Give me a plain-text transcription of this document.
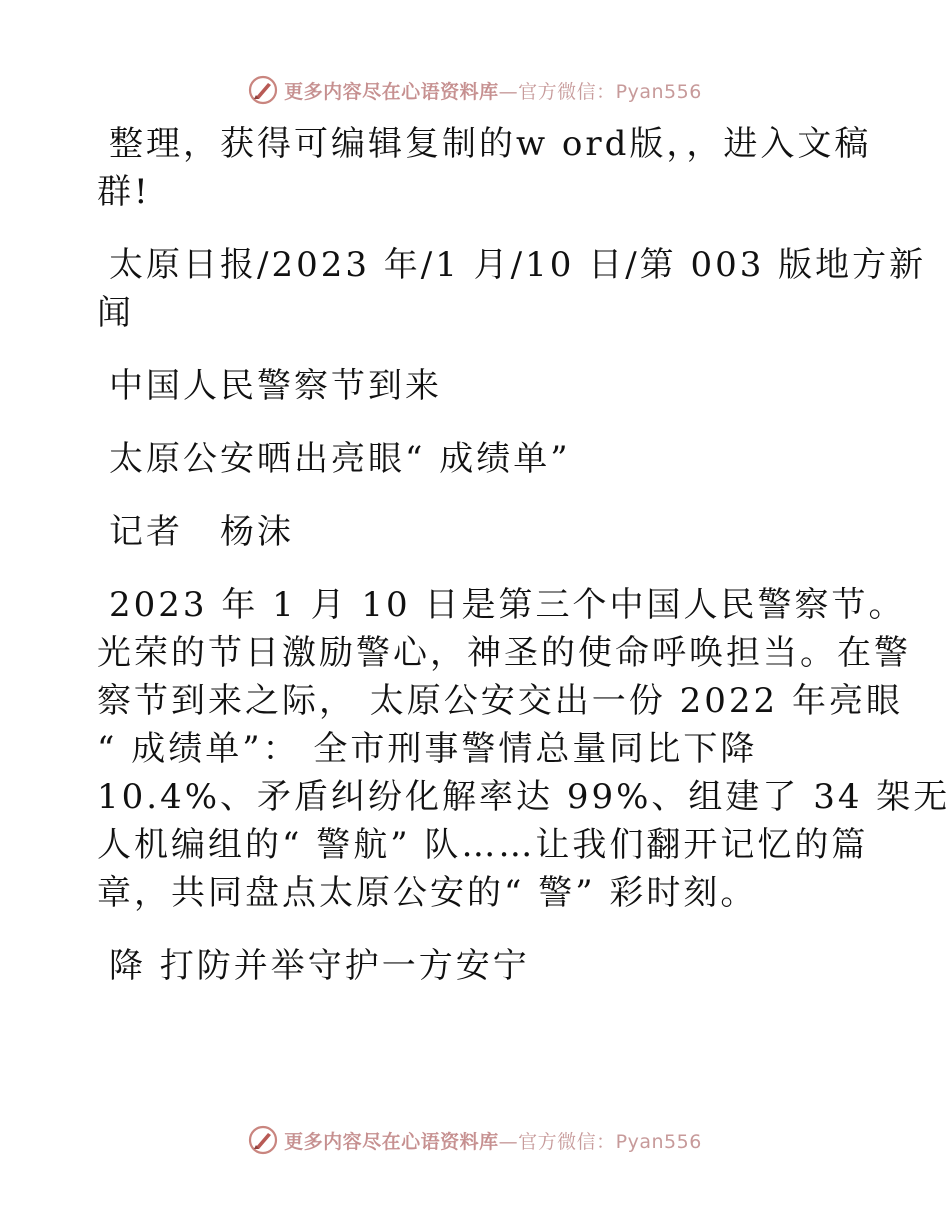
更多内容尽在心语资料库—官方微信：Pyan556

整理，获得可编辑复制的w ord版，，进入文稿
群!

太原日报/2023 年/1 月/10 日/第 003 版地方新
闻

中国人民警察节到来

太原公安晒出亮眼“ 成绩单”

记者　杨沫

2023 年 1 月 10 日是第三个中国人民警察节。
光荣的节日激励警心，神圣的使命呼唤担当。在警
察节到来之际， 太原公安交出一份 2022 年亮眼
“ 成绩单”： 全市刑事警情总量同比下降
10.4%、矛盾纠纷化解率达 99%、组建了 34 架无
人机编组的“ 警航” 队……让我们翻开记忆的篇
章，共同盘点太原公安的“ 警” 彩时刻。

降 打防并举守护一方安宁

更多内容尽在心语资料库—官方微信：Pyan556
